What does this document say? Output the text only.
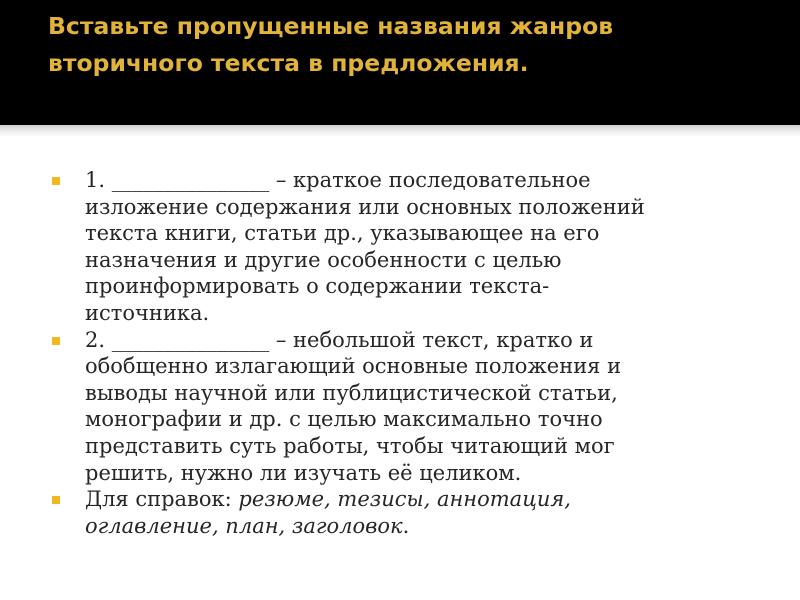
Вставьте пропущенные названия жанров
вторичного текста в предложения.
1. _______________ – краткое последовательное
изложение содержания или основных положений
текста книги, статьи др., указывающее на его
назначения и другие особенности с целью
проинформировать о содержании текста-
источника.
2. _______________ – небольшой текст, кратко и
обобщенно излагающий основные положения и
выводы научной или публицистической статьи,
монографии и др. с целью максимально точно
представить суть работы, чтобы читающий мог
решить, нужно ли изучать её целиком.
Для справок: резюме, тезисы, аннотация,
оглавление, план, заголовок.
